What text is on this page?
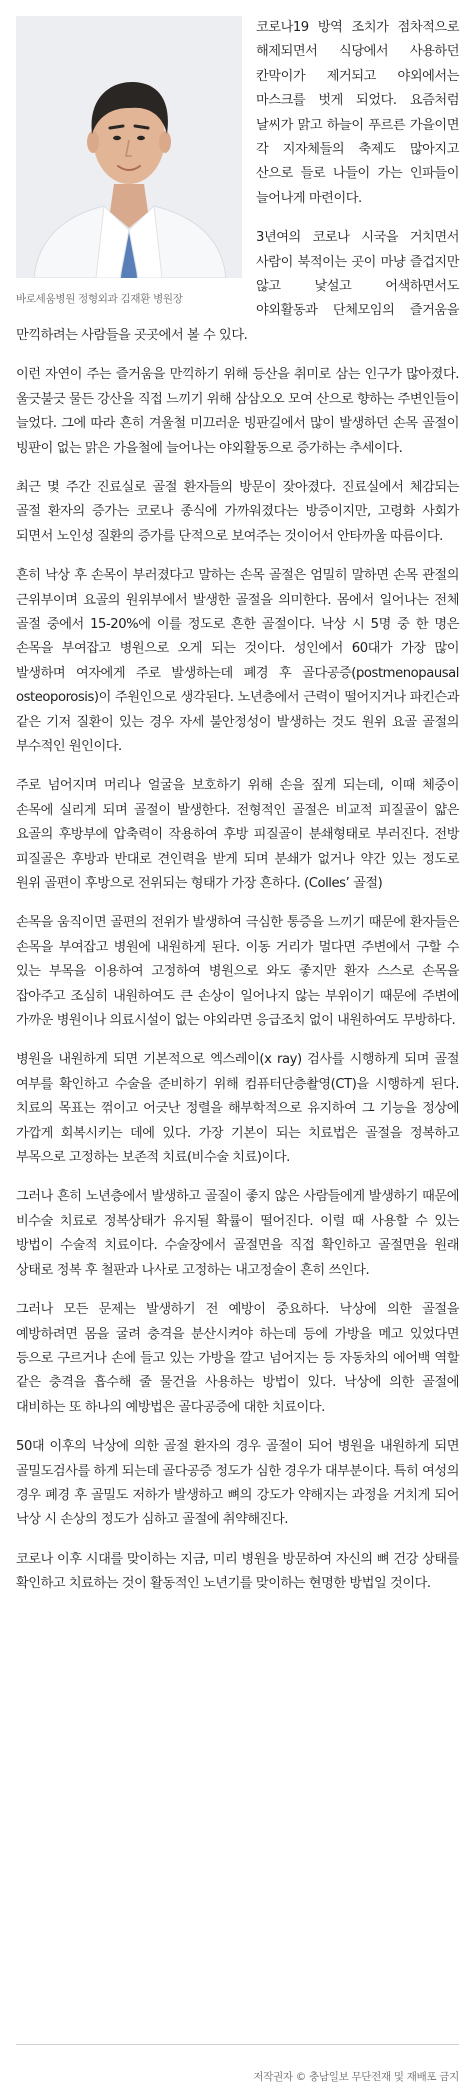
바로세움병원 정형외과 김재환 병원장

코로나19 방역 조치가 점차적으로 해제되면서 식당에서 사용하던 칸막이가 제거되고 야외에서는 마스크를 벗게 되었다. 요즘처럼 날씨가 맑고 하늘이 푸르른 가을이면 각 지자체들의 축제도 많아지고 산으로 들로 나들이 가는 인파들이 늘어나게 마련이다.

3년여의 코로나 시국을 거치면서 사람이 북적이는 곳이 마냥 즐겁지만 않고 낯설고 어색하면서도 야외활동과 단체모임의 즐거움을 만끽하려는 사람들을 곳곳에서 볼 수 있다.

이런 자연이 주는 즐거움을 만끽하기 위해 등산을 취미로 삼는 인구가 많아졌다. 울긋불긋 물든 강산을 직접 느끼기 위해 삼삼오오 모여 산으로 향하는 주변인들이 늘었다. 그에 따라 흔히 겨울철 미끄러운 빙판길에서 많이 발생하던 손목 골절이 빙판이 없는 맑은 가을철에 늘어나는 야외활동으로 증가하는 추세이다.

최근 몇 주간 진료실로 골절 환자들의 방문이 잦아졌다. 진료실에서 체감되는 골절 환자의 증가는 코로나 종식에 가까워졌다는 방증이지만, 고령화 사회가 되면서 노인성 질환의 증가를 단적으로 보여주는 것이어서 안타까울 따름이다.

흔히 낙상 후 손목이 부러졌다고 말하는 손목 골절은 엄밀히 말하면 손목 관절의 근위부이며 요골의 원위부에서 발생한 골절을 의미한다. 몸에서 일어나는 전체 골절 중에서 15-20%에 이를 정도로 흔한 골절이다. 낙상 시 5명 중 한 명은 손목을 부여잡고 병원으로 오게 되는 것이다. 성인에서 60대가 가장 많이 발생하며 여자에게 주로 발생하는데 폐경 후 골다공증(postmenopausal osteoporosis)이 주원인으로 생각된다. 노년층에서 근력이 떨어지거나 파킨슨과 같은 기저 질환이 있는 경우 자세 불안정성이 발생하는 것도 원위 요골 골절의 부수적인 원인이다.

주로 넘어지며 머리나 얼굴을 보호하기 위해 손을 짚게 되는데, 이때 체중이 손목에 실리게 되며 골절이 발생한다. 전형적인 골절은 비교적 피질골이 얇은 요골의 후방부에 압축력이 작용하여 후방 피질골이 분쇄형태로 부러진다. 전방 피질골은 후방과 반대로 견인력을 받게 되며 분쇄가 없거나 약간 있는 정도로 원위 골편이 후방으로 전위되는 형태가 가장 흔하다. (Colles’ 골절)

손목을 움직이면 골편의 전위가 발생하여 극심한 통증을 느끼기 때문에 환자들은 손목을 부여잡고 병원에 내원하게 된다. 이동 거리가 멀다면 주변에서 구할 수 있는 부목을 이용하여 고정하여 병원으로 와도 좋지만 환자 스스로 손목을 잡아주고 조심히 내원하여도 큰 손상이 일어나지 않는 부위이기 때문에 주변에 가까운 병원이나 의료시설이 없는 야외라면 응급조치 없이 내원하여도 무방하다.

병원을 내원하게 되면 기본적으로 엑스레이(x ray) 검사를 시행하게 되며 골절 여부를 확인하고 수술을 준비하기 위해 컴퓨터단층촬영(CT)을 시행하게 된다. 치료의 목표는 꺾이고 어긋난 정렬을 해부학적으로 유지하여 그 기능을 정상에 가깝게 회복시키는 데에 있다. 가장 기본이 되는 치료법은 골절을 정복하고 부목으로 고정하는 보존적 치료(비수술 치료)이다.

그러나 흔히 노년층에서 발생하고 골질이 좋지 않은 사람들에게 발생하기 때문에 비수술 치료로 정복상태가 유지될 확률이 떨어진다. 이럴 때 사용할 수 있는 방법이 수술적 치료이다. 수술장에서 골절면을 직접 확인하고 골절면을 원래 상태로 정복 후 철판과 나사로 고정하는 내고정술이 흔히 쓰인다.

그러나 모든 문제는 발생하기 전 예방이 중요하다. 낙상에 의한 골절을 예방하려면 몸을 굴려 충격을 분산시켜야 하는데 등에 가방을 메고 있었다면 등으로 구르거나 손에 들고 있는 가방을 깔고 넘어지는 등 자동차의 에어백 역할 같은 충격을 흡수해 줄 물건을 사용하는 방법이 있다. 낙상에 의한 골절에 대비하는 또 하나의 예방법은 골다공증에 대한 치료이다.

50대 이후의 낙상에 의한 골절 환자의 경우 골절이 되어 병원을 내원하게 되면 골밀도검사를 하게 되는데 골다공증 정도가 심한 경우가 대부분이다. 특히 여성의 경우 폐경 후 골밀도 저하가 발생하고 뼈의 강도가 약해지는 과정을 거치게 되어 낙상 시 손상의 정도가 심하고 골절에 취약해진다.

코로나 이후 시대를 맞이하는 지금, 미리 병원을 방문하여 자신의 뼈 건강 상태를 확인하고 치료하는 것이 활동적인 노년기를 맞이하는 현명한 방법일 것이다.

저작권자 © 충남일보 무단전재 및 재배포 금지
